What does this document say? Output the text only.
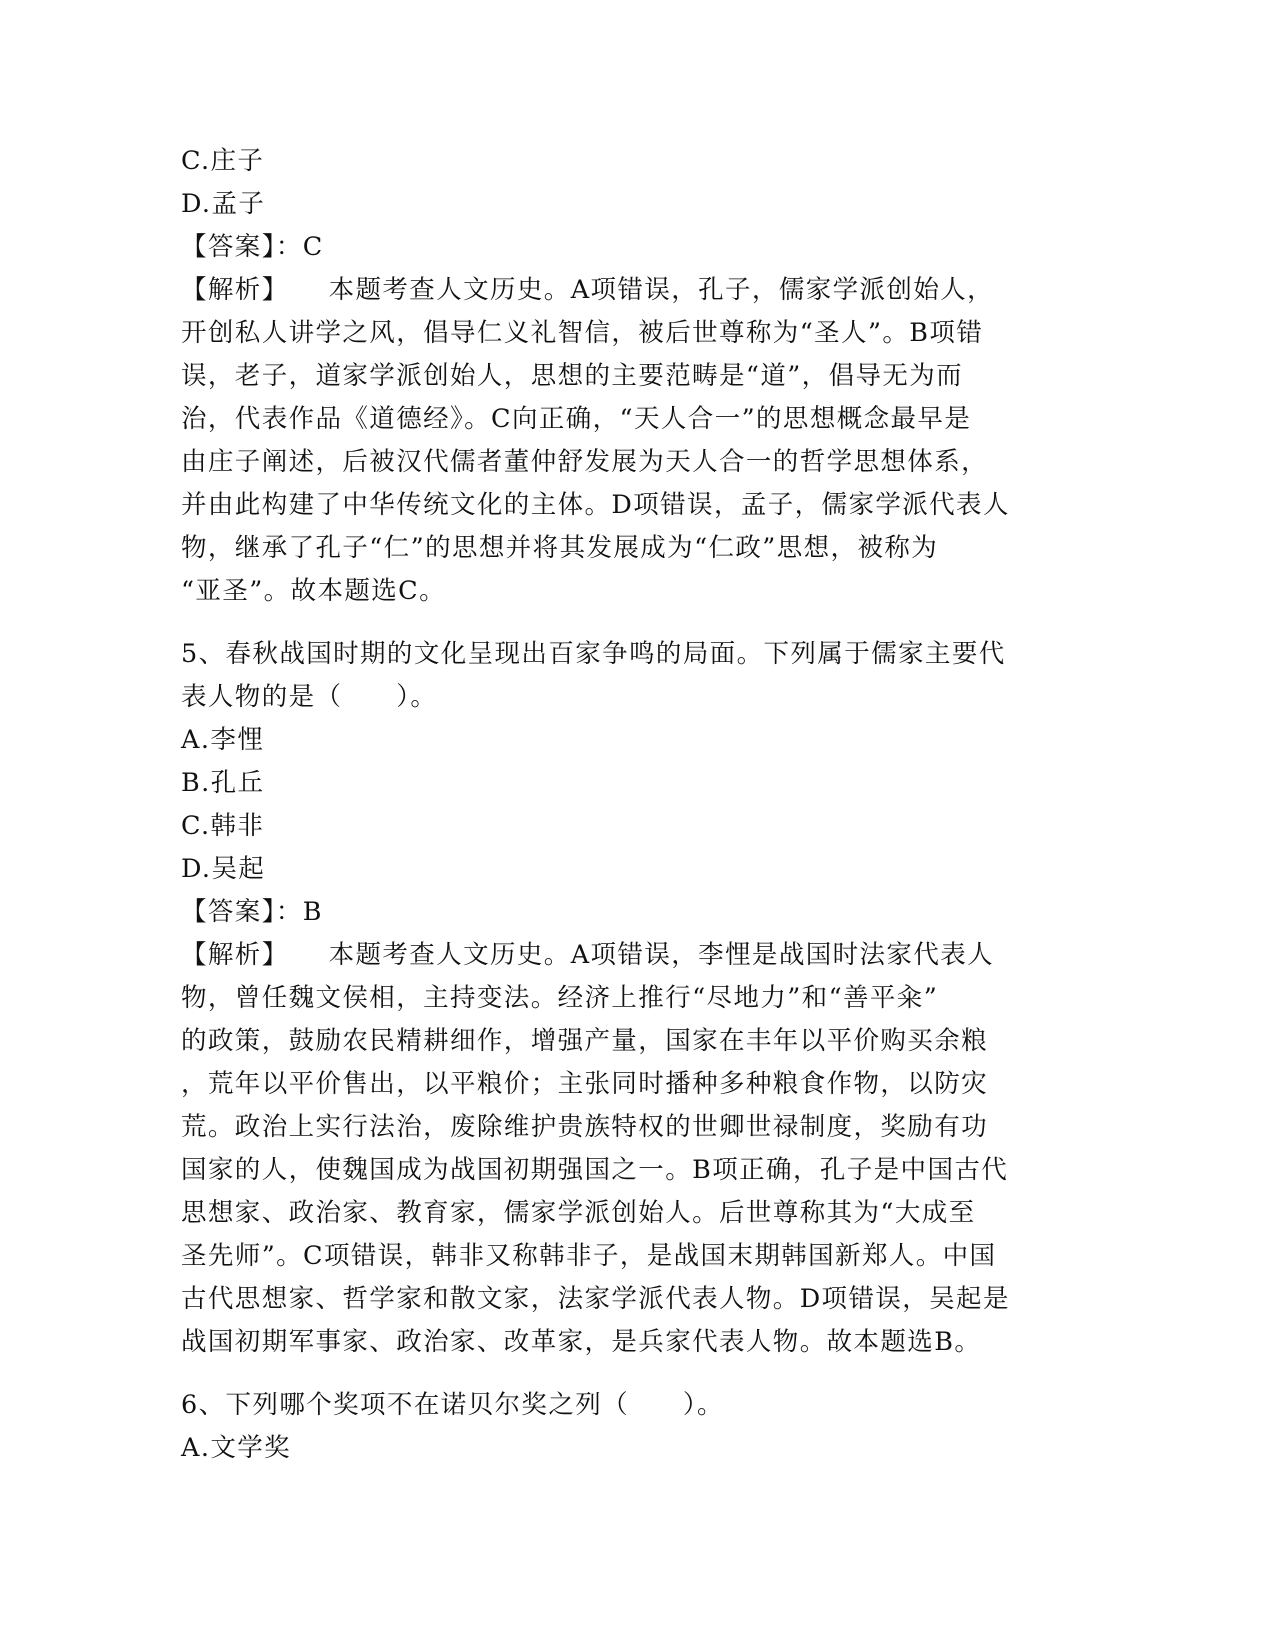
C.庄子
D.孟子
【答案】：C
【解析】 本题考查人文历史。A项错误，孔子，儒家学派创始人，
开创私人讲学之风，倡导仁义礼智信，被后世尊称为“圣人”。B项错
误，老子，道家学派创始人，思想的主要范畴是“道”，倡导无为而
治，代表作品《道德经》。C向正确，“天人合一”的思想概念最早是
由庄子阐述，后被汉代儒者董仲舒发展为天人合一的哲学思想体系，
并由此构建了中华传统文化的主体。D项错误，孟子，儒家学派代表人
物，继承了孔子“仁”的思想并将其发展成为“仁政”思想，被称为
“亚圣”。故本题选C。
5、春秋战国时期的文化呈现出百家争鸣的局面。下列属于儒家主要代
表人物的是（　　）。
A.李悝
B.孔丘
C.韩非
D.吴起
【答案】：B
【解析】 本题考查人文历史。A项错误，李悝是战国时法家代表人
物，曾任魏文侯相，主持变法。经济上推行“尽地力”和“善平籴”
的政策，鼓励农民精耕细作，增强产量，国家在丰年以平价购买余粮
，荒年以平价售出，以平粮价；主张同时播种多种粮食作物，以防灾
荒。政治上实行法治，废除维护贵族特权的世卿世禄制度，奖励有功
国家的人，使魏国成为战国初期强国之一。B项正确，孔子是中国古代
思想家、政治家、教育家，儒家学派创始人。后世尊称其为“大成至
圣先师”。C项错误，韩非又称韩非子，是战国末期韩国新郑人。中国
古代思想家、哲学家和散文家，法家学派代表人物。D项错误，吴起是
战国初期军事家、政治家、改革家，是兵家代表人物。故本题选B。
6、下列哪个奖项不在诺贝尔奖之列（　　）。
A.文学奖
